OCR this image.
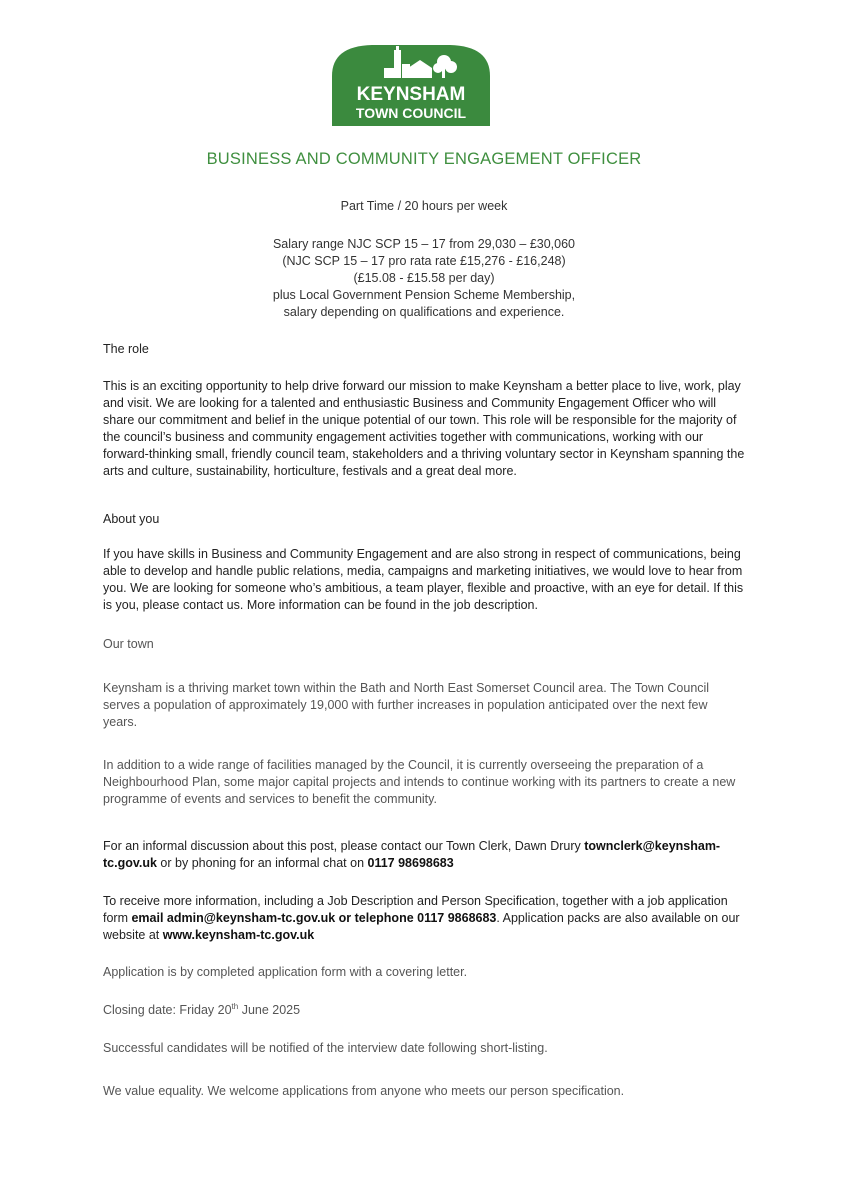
KEYNSHAM
TOWN COUNCIL
BUSINESS AND COMMUNITY ENGAGEMENT OFFICER
Part Time / 20 hours per week
Salary range NJC SCP 15 – 17 from 29,030 – £30,060
(NJC SCP 15 – 17 pro rata rate £15,276 - £16,248)
(£15.08 - £15.58 per day)
plus Local Government Pension Scheme Membership,
salary depending on qualifications and experience.
The role
This is an exciting opportunity to help drive forward our mission to make Keynsham a better place to live, work, play and visit. We are looking for a talented and enthusiastic Business and Community Engagement Officer who will share our commitment and belief in the unique potential of our town. This role will be responsible for the majority of the council’s business and community engagement activities together with communications, working with our forward-thinking small, friendly council team, stakeholders and a thriving voluntary sector in Keynsham spanning the arts and culture, sustainability, horticulture, festivals and a great deal more.
About you
If you have skills in Business and Community Engagement and are also strong in respect of communications, being able to develop and handle public relations, media, campaigns and marketing initiatives, we would love to hear from you. We are looking for someone who’s ambitious, a team player, flexible and proactive, with an eye for detail. If this is you, please contact us. More information can be found in the job description.
Our town
Keynsham is a thriving market town within the Bath and North East Somerset Council area. The Town Council serves a population of approximately 19,000 with further increases in population anticipated over the next few years.
In addition to a wide range of facilities managed by the Council, it is currently overseeing the preparation of a Neighbourhood Plan, some major capital projects and intends to continue working with its partners to create a new programme of events and services to benefit the community.
For an informal discussion about this post, please contact our Town Clerk, Dawn Drury townclerk@keynsham-tc.gov.uk or by phoning for an informal chat on 0117 98698683
To receive more information, including a Job Description and Person Specification, together with a job application form email admin@keynsham-tc.gov.uk or telephone 0117 9868683. Application packs are also available on our website at www.keynsham-tc.gov.uk
Application is by completed application form with a covering letter.
Closing date: Friday 20th June 2025
Successful candidates will be notified of the interview date following short-listing.
We value equality. We welcome applications from anyone who meets our person specification.
